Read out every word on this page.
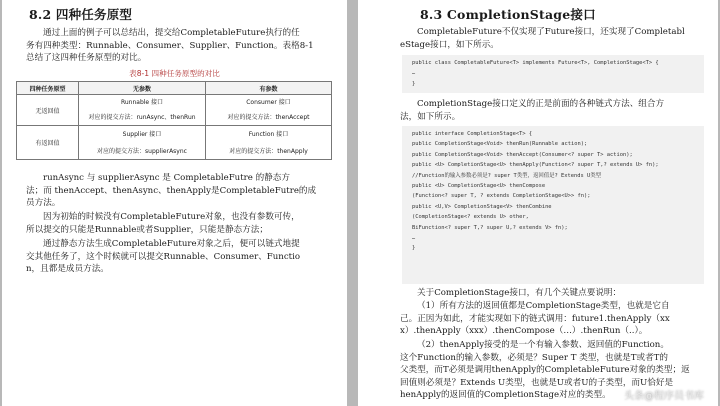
8.2 四种任务原型
通过上面的例子可以总结出，提交给CompletableFuture执行的任
务有四种类型：Runnable、Consumer、Supplier、Function。表格8-1
总结了这四种任务原型的对比。
表8-1 四种任务原型的对比
四种任务原型	无参数	有参数
无返回值	Runnable 接口	Consumer 接口
	对应的提交方法：runAsync、thenRun	对应的提交方法：thenAccept
有返回值	Supplier 接口	Function 接口
	对应的提交方法：supplierAsync	对应的提交方法：thenApply
runAsync 与 supplierAsync 是 CompletableFutre 的静态方
法；而 thenAccept、thenAsync、thenApply是CompletableFutre的成
员方法。
因为初始的时候没有CompletableFuture对象，也没有参数可传，
所以提交的只能是Runnable或者Supplier，只能是静态方法；
通过静态方法生成CompletableFuture对象之后，便可以链式地提
交其他任务了，这个时候就可以提交Runnable、Consumer、Functio
n，且都是成员方法。
8.3 CompletionStage接口
CompletableFuture不仅实现了Future接口，还实现了Completabl
eStage接口，如下所示。
public class CompletableFuture<T> implements Future<T>, CompletionStage<T> {
…
}
CompletionStage接口定义的正是前面的各种链式方法、组合方
法，如下所示。
public interface CompletionStage<T> {
public CompletionStage<Void> thenRun(Runnable action);
public CompletionStage<Void> thenAccept(Consumer<? super T> action);
public <U> CompletionStage<U> thenApply(Function<? super T,? extends U> fn);
//Function的输入参数必须是? super T类型，返回值是? Extends U类型
public <U> CompletionStage<U> thenCompose
(Function<? super T, ? extends CompletionStage<U>> fn);
public <U,V> CompletionStage<V> thenCombine
(CompletionStage<? extends U> other,
BiFunction<? super T,? super U,? extends V> fn);
…
}
关于CompletionStage接口，有几个关键点要说明：
（1）所有方法的返回值都是CompletionStage类型，也就是它自
己。正因为如此，才能实现如下的链式调用：future1.thenApply（xx
x）.thenApply（xxx）.thenCompose（…）.thenRun（..）。
（2）thenApply接受的是一个有输入参数、返回值的Function。
这个Function的输入参数，必须是？Super T 类型，也就是T或者T的
父类型，而T必须是调用thenApply的CompletableFuture对象的类型；返
回值则必须是？Extends U类型，也就是U或者U的子类型，而U恰好是
henApply的返回值的CompletionStage对应的类型。	头条@程序员书库
